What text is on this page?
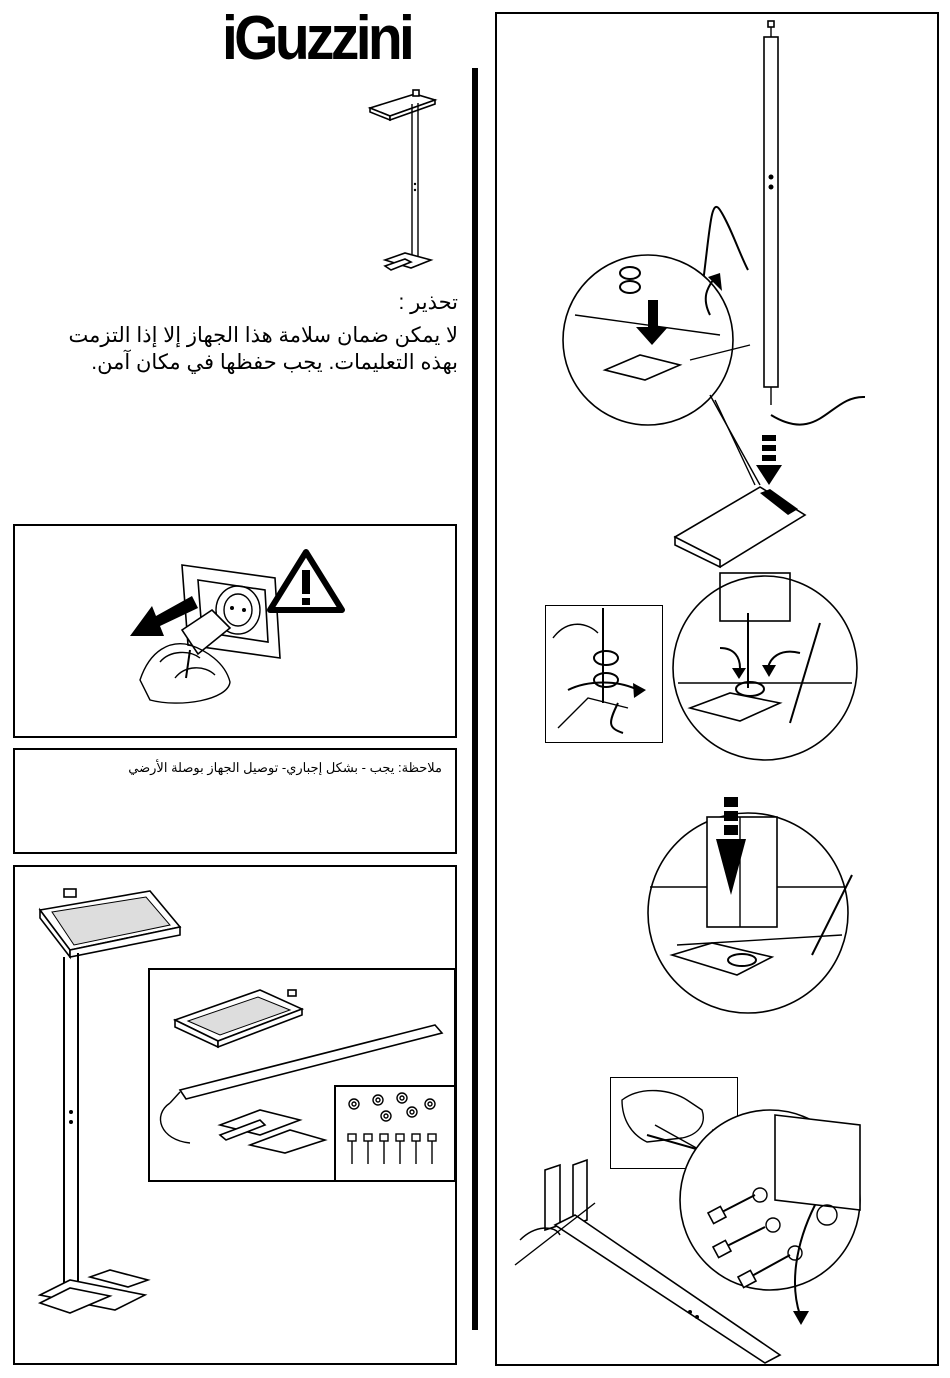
iGuzzini
تحذير :
لا يمكن ضمان سلامة هذا الجهاز إلا إذا التزمت بهذه التعليمات. يجب حفظها في مكان آمن.
ملاحظة: يجب - بشكل إجباري- توصيل الجهاز بوصلة الأرضي
